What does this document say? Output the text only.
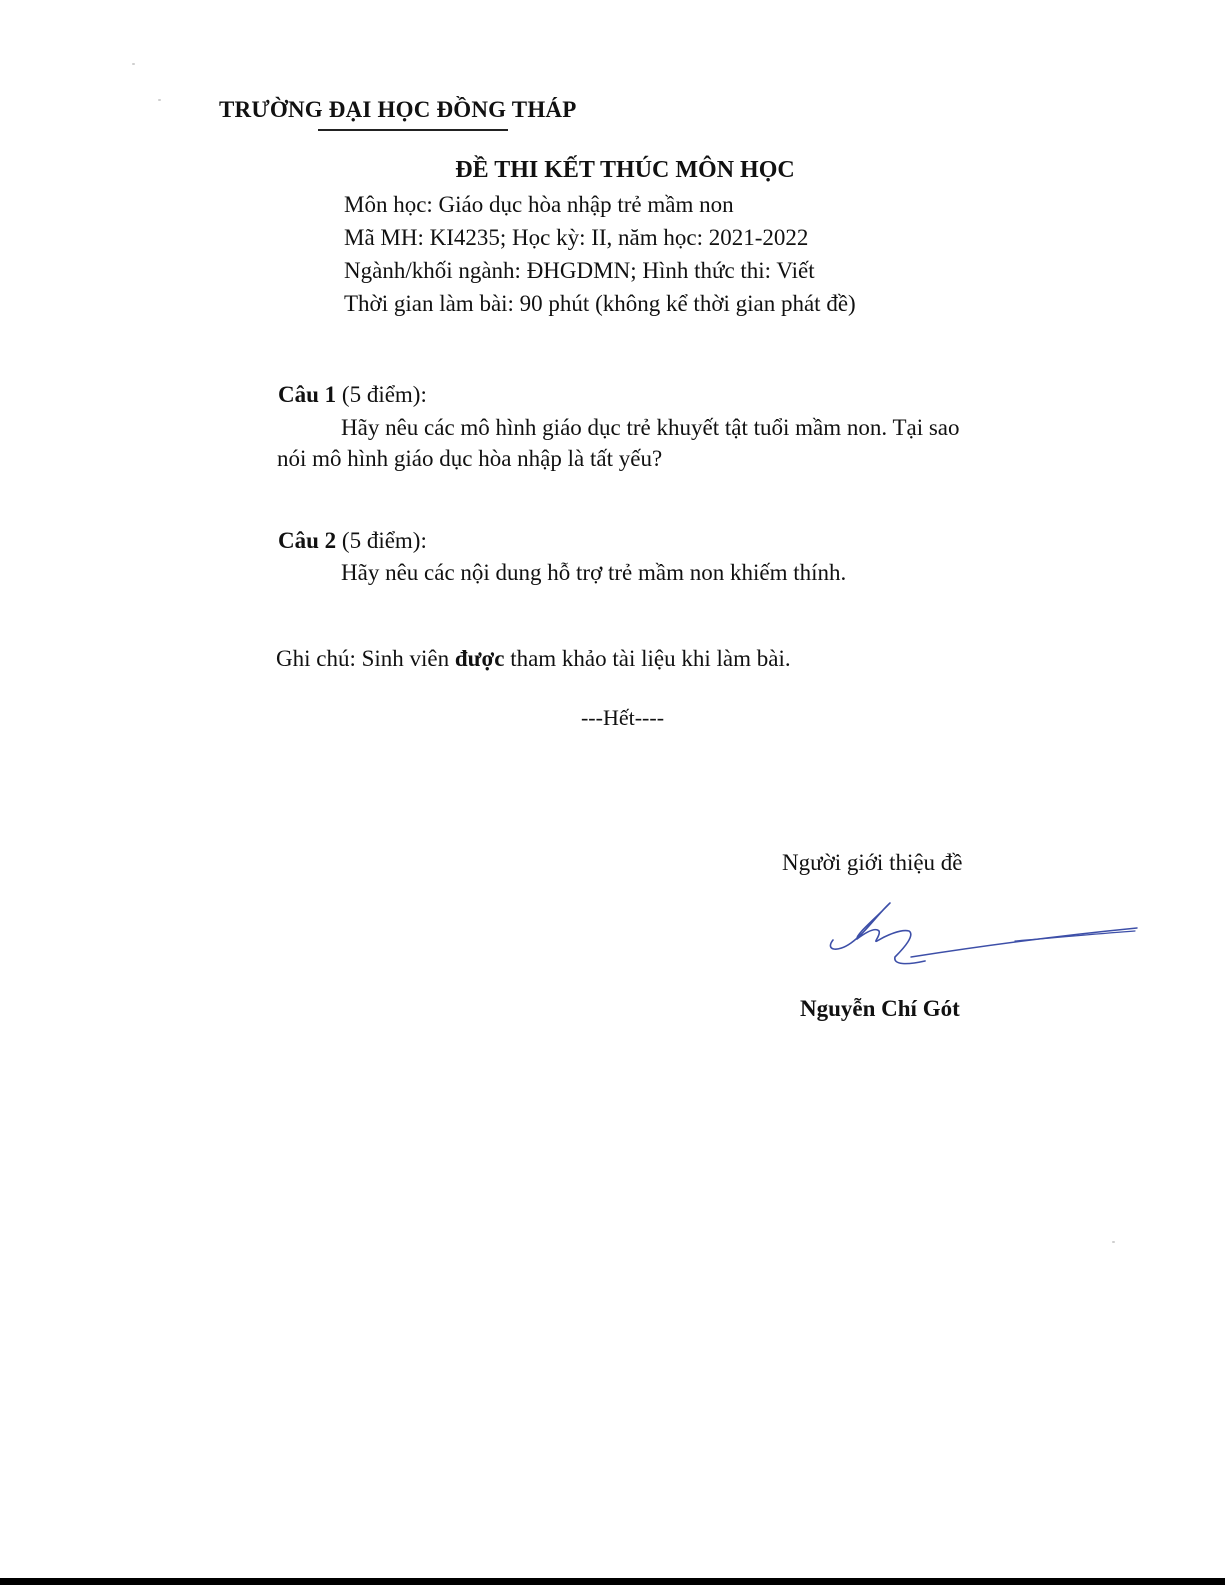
TRƯỜNG ĐẠI HỌC ĐỒNG THÁP
ĐỀ THI KẾT THÚC MÔN HỌC
Môn học: Giáo dục hòa nhập trẻ mầm non
Mã MH: KI4235; Học kỳ: II, năm học: 2021-2022
Ngành/khối ngành: ĐHGDMN; Hình thức thi: Viết
Thời gian làm bài: 90 phút (không kể thời gian phát đề)
Câu 1 (5 điểm):
Hãy nêu các mô hình giáo dục trẻ khuyết tật tuổi mầm non. Tại sao
nói mô hình giáo dục hòa nhập là tất yếu?
Câu 2 (5 điểm):
Hãy nêu các nội dung hỗ trợ trẻ mầm non khiếm thính.
Ghi chú: Sinh viên được tham khảo tài liệu khi làm bài.
---Hết----
Người giới thiệu đề
Nguyễn Chí Gót
